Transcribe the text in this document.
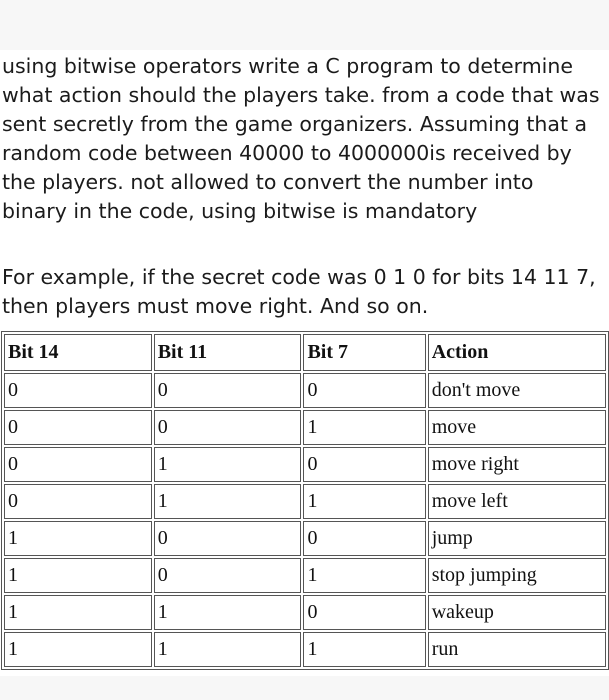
using bitwise operators write a C program to determine what action should the players take. from a code that was sent secretly from the game organizers. Assuming that a random code between 40000 to 4000000is received by the players. not allowed to convert the number into binary in the code, using bitwise is mandatory

For example, if the secret code was 0 1 0 for bits 14 11 7, then players must move right. And so on.

Bit 14	Bit 11	Bit 7	Action
0	0	0	don't move
0	0	1	move
0	1	0	move right
0	1	1	move left
1	0	0	jump
1	0	1	stop jumping
1	1	0	wakeup
1	1	1	run
